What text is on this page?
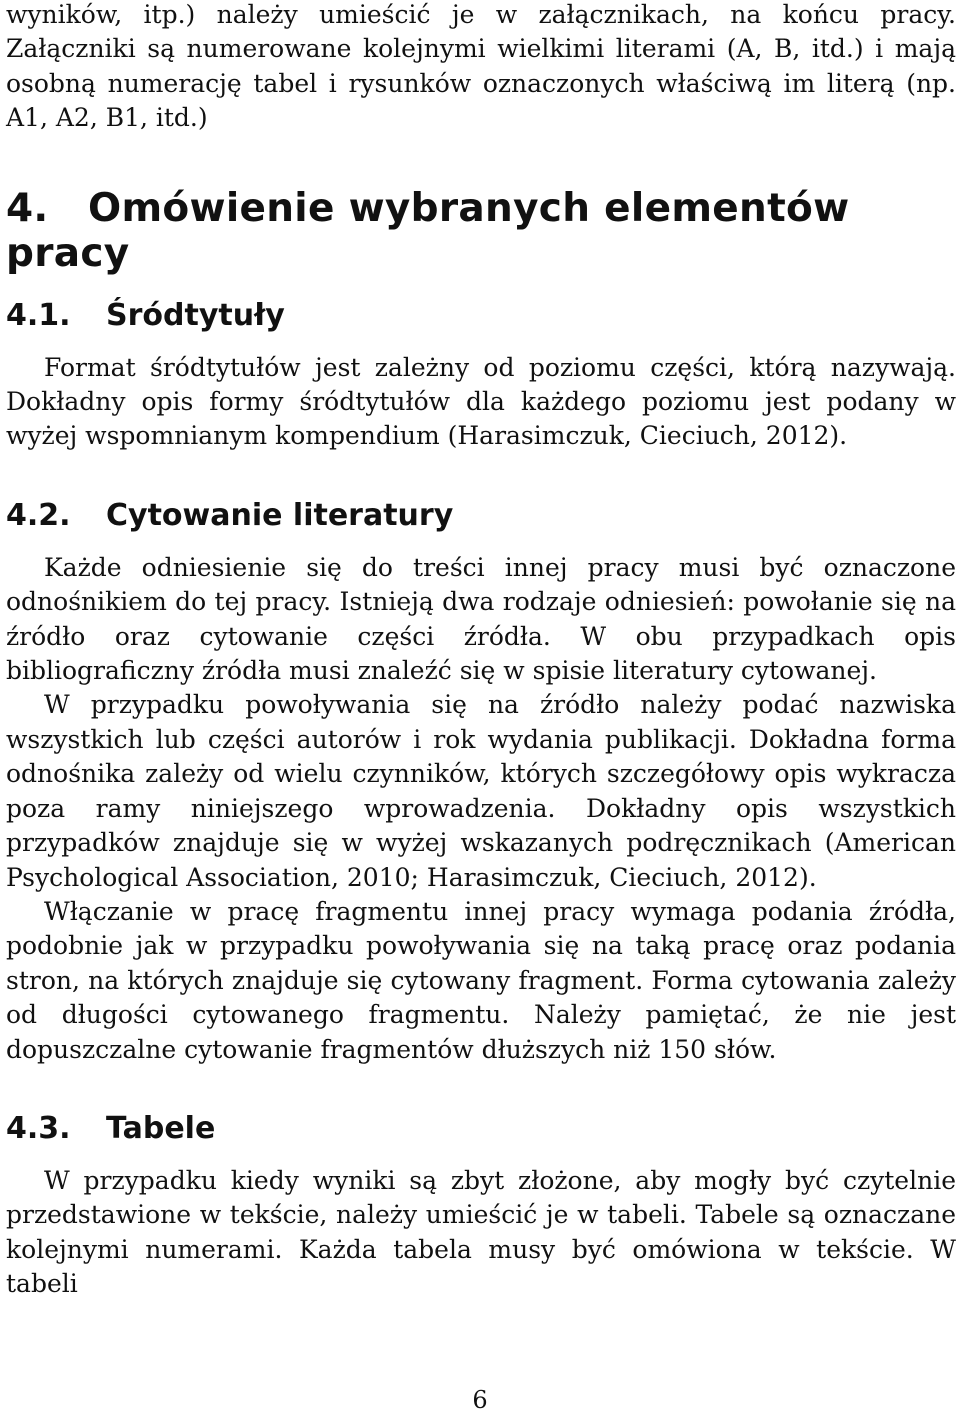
wyników, itp.) należy umieścić je w załącznikach, na końcu pracy. Załączniki są numerowane kolejnymi wielkimi literami (A, B, itd.) i mają osobną numerację tabel i rysunków oznaczonych właściwą im literą (np. A1, A2, B1, itd.)

4. Omówienie wybranych elementów pracy
4.1. Śródtytuły

Format śródtytułów jest zależny od poziomu części, którą nazywają. Dokładny opis formy śródtytułów dla każdego poziomu jest podany w wyżej wspomnianym kompendium (Harasimczuk, Cieciuch, 2012).

4.2. Cytowanie literatury

Każde odniesienie się do treści innej pracy musi być oznaczone odnośnikiem do tej pracy. Istnieją dwa rodzaje odniesień: powołanie się na źródło oraz cytowanie części źródła. W obu przypadkach opis bibliograficzny źródła musi znaleźć się w spisie literatury cytowanej.

W przypadku powoływania się na źródło należy podać nazwiska wszystkich lub części autorów i rok wydania publikacji. Dokładna forma odnośnika zależy od wielu czynników, których szczegółowy opis wykracza poza ramy niniejszego wprowadzenia. Dokładny opis wszystkich przypadków znajduje się w wyżej wskazanych podręcznikach (American Psychological Association, 2010; Harasimczuk, Cieciuch, 2012).

Włączanie w pracę fragmentu innej pracy wymaga podania źródła, podobnie jak w przypadku powoływania się na taką pracę oraz podania stron, na których znajduje się cytowany fragment. Forma cytowania zależy od długości cytowanego fragmentu. Należy pamiętać, że nie jest dopuszczalne cytowanie fragmentów dłuższych niż 150 słów.

4.3. Tabele

W przypadku kiedy wyniki są zbyt złożone, aby mogły być czytelnie przedstawione w tekście, należy umieścić je w tabeli. Tabele są oznaczane kolejnymi numerami. Każda tabela musy być omówiona w tekście. W tabeli

6
